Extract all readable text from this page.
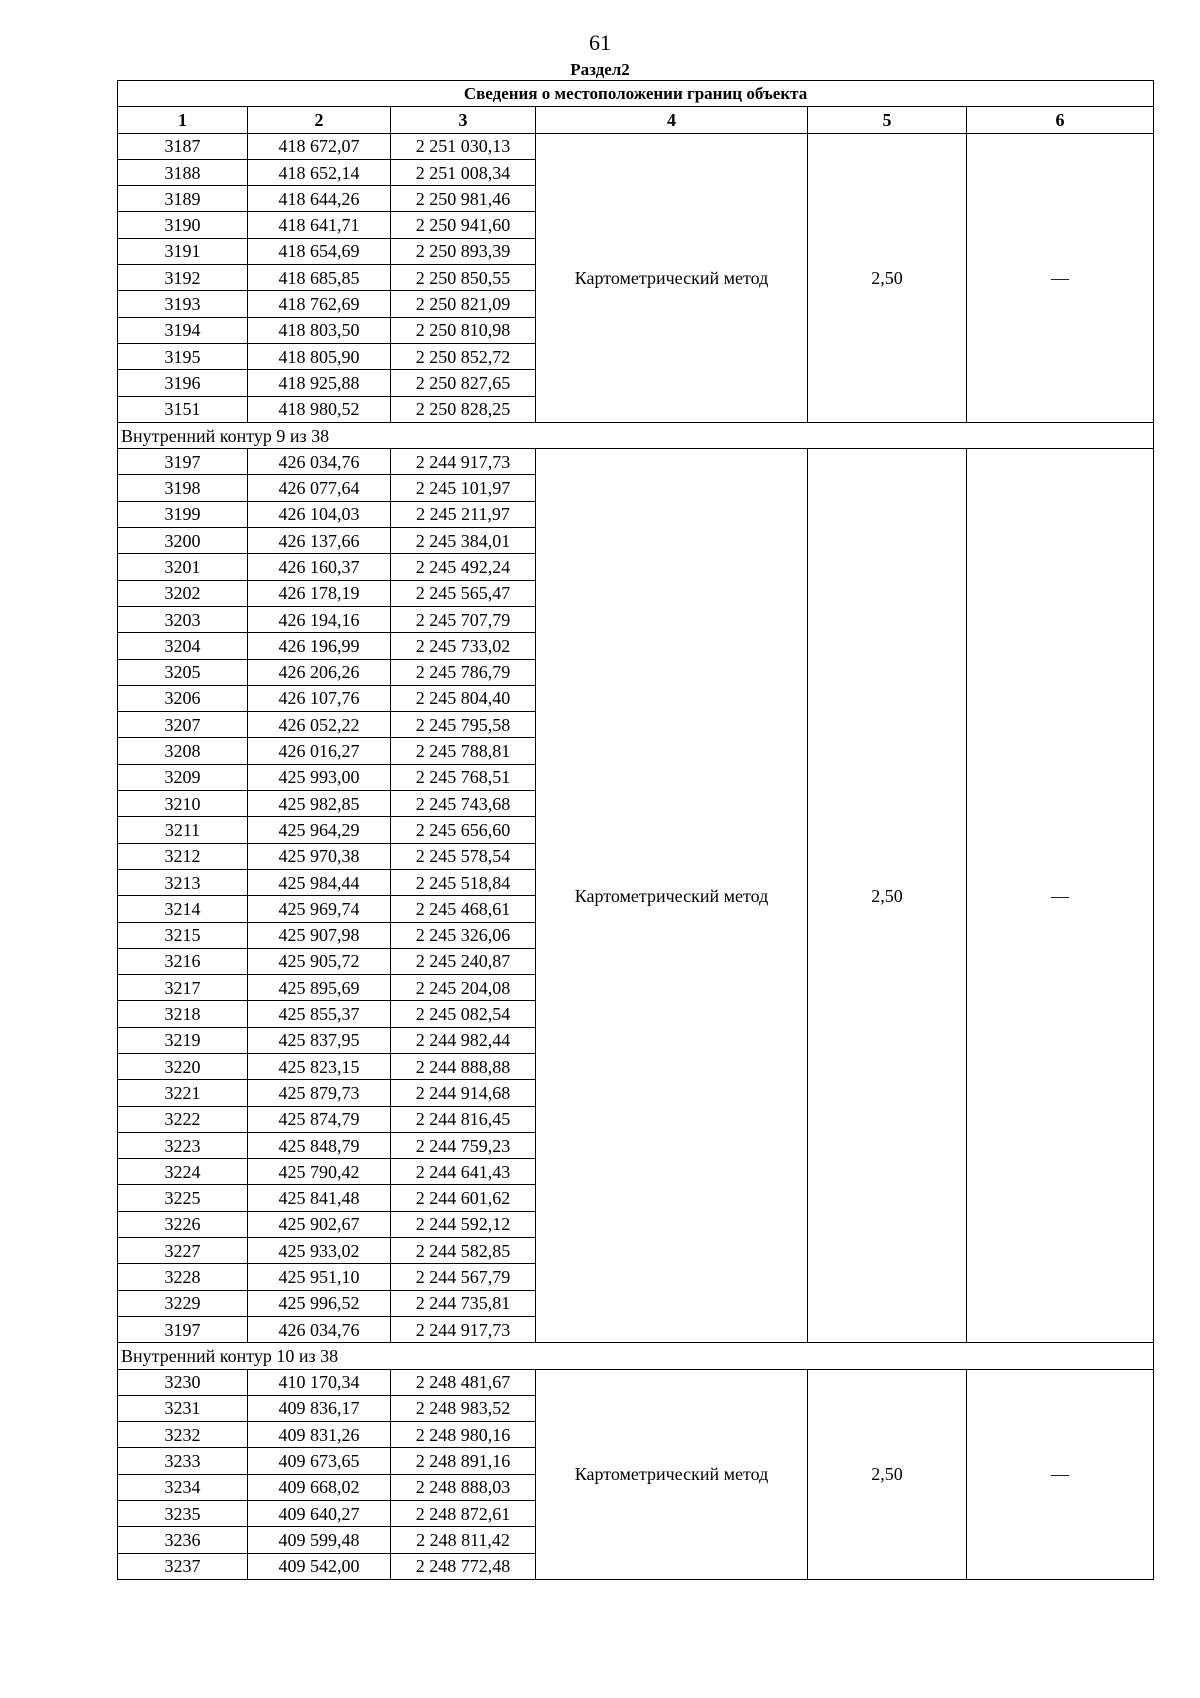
61
Раздел2
Сведения о местоположении границ объекта					
1	2	3	4	5	6
3187	418 672,07	2 251 030,13	Картометрический метод	2,50	—
3188	418 652,14	2 251 008,34			
3189	418 644,26	2 250 981,46			
3190	418 641,71	2 250 941,60			
3191	418 654,69	2 250 893,39			
3192	418 685,85	2 250 850,55			
3193	418 762,69	2 250 821,09			
3194	418 803,50	2 250 810,98			
3195	418 805,90	2 250 852,72			
3196	418 925,88	2 250 827,65			
3151	418 980,52	2 250 828,25			
Внутренний контур 9 из 38					
3197	426 034,76	2 244 917,73	Картометрический метод	2,50	—
3198	426 077,64	2 245 101,97			
3199	426 104,03	2 245 211,97			
3200	426 137,66	2 245 384,01			
3201	426 160,37	2 245 492,24			
3202	426 178,19	2 245 565,47			
3203	426 194,16	2 245 707,79			
3204	426 196,99	2 245 733,02			
3205	426 206,26	2 245 786,79			
3206	426 107,76	2 245 804,40			
3207	426 052,22	2 245 795,58			
3208	426 016,27	2 245 788,81			
3209	425 993,00	2 245 768,51			
3210	425 982,85	2 245 743,68			
3211	425 964,29	2 245 656,60			
3212	425 970,38	2 245 578,54			
3213	425 984,44	2 245 518,84			
3214	425 969,74	2 245 468,61			
3215	425 907,98	2 245 326,06			
3216	425 905,72	2 245 240,87			
3217	425 895,69	2 245 204,08			
3218	425 855,37	2 245 082,54			
3219	425 837,95	2 244 982,44			
3220	425 823,15	2 244 888,88			
3221	425 879,73	2 244 914,68			
3222	425 874,79	2 244 816,45			
3223	425 848,79	2 244 759,23			
3224	425 790,42	2 244 641,43			
3225	425 841,48	2 244 601,62			
3226	425 902,67	2 244 592,12			
3227	425 933,02	2 244 582,85			
3228	425 951,10	2 244 567,79			
3229	425 996,52	2 244 735,81			
3197	426 034,76	2 244 917,73			
Внутренний контур 10 из 38					
3230	410 170,34	2 248 481,67	Картометрический метод	2,50	—
3231	409 836,17	2 248 983,52			
3232	409 831,26	2 248 980,16			
3233	409 673,65	2 248 891,16			
3234	409 668,02	2 248 888,03			
3235	409 640,27	2 248 872,61			
3236	409 599,48	2 248 811,42			
3237	409 542,00	2 248 772,48			
